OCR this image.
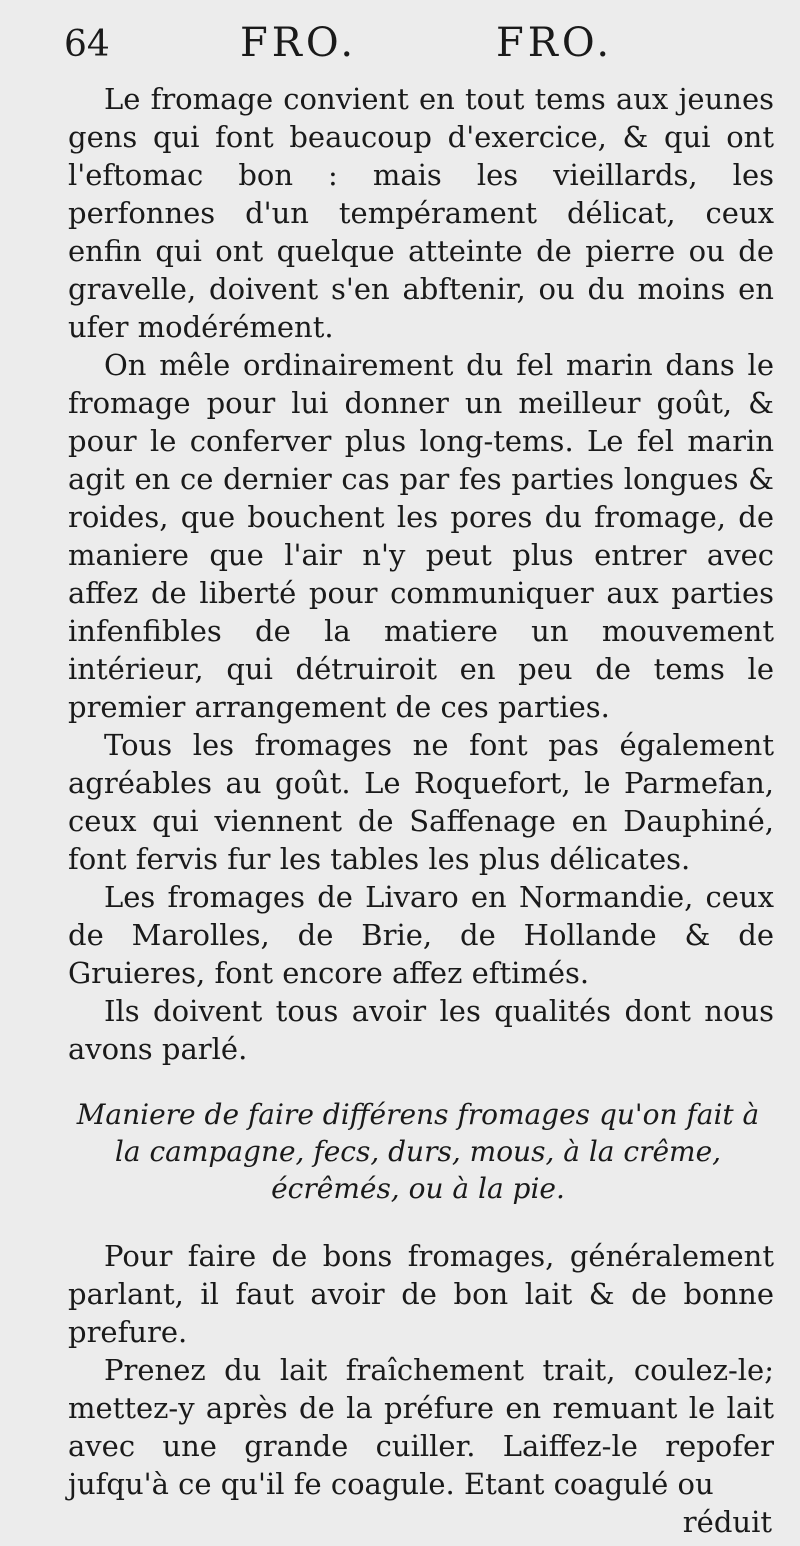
64	FRO.	FRO.

Le fromage convient en tout tems aux jeunes gens qui font beaucoup d'exercice, & qui ont l'eftomac bon : mais les vieillards, les perfonnes d'un tempérament délicat, ceux enfin qui ont quelque atteinte de pierre ou de gravelle, doivent s'en abftenir, ou du moins en ufer modérément.

On mêle ordinairement du fel marin dans le fromage pour lui donner un meilleur goût, & pour le conferver plus long-tems. Le fel marin agit en ce dernier cas par fes parties longues & roides, que bouchent les pores du fromage, de maniere que l'air n'y peut plus entrer avec affez de liberté pour communiquer aux parties infenfibles de la matiere un mouvement intérieur, qui détruiroit en peu de tems le premier arrangement de ces parties.

Tous les fromages ne font pas également agréables au goût. Le Roquefort, le Parmefan, ceux qui viennent de Saffenage en Dauphiné, font fervis fur les tables les plus délicates.

Les fromages de Livaro en Normandie, ceux de Marolles, de Brie, de Hollande & de Gruieres, font encore affez eftimés.

Ils doivent tous avoir les qualités dont nous avons parlé.

Maniere de faire différens fromages qu'on fait à la campagne, fecs, durs, mous, à la crême, écrêmés, ou à la pie.

Pour faire de bons fromages, généralement parlant, il faut avoir de bon lait & de bonne prefure.

Prenez du lait fraîchement trait, coulez-le; mettez-y après de la préfure en remuant le lait avec une grande cuiller. Laiffez-le repofer jufqu'à ce qu'il fe coagule. Etant coagulé ou

réduit
